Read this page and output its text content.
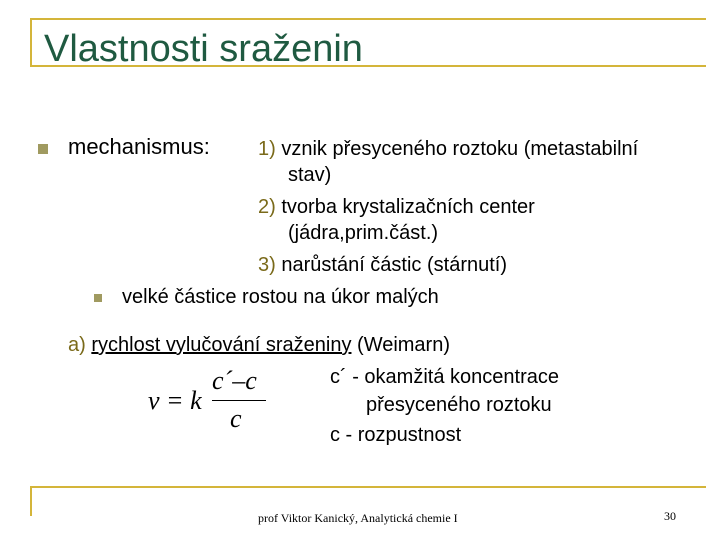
Vlastnosti sraženin
mechanismus: 1) vznik přesyceného roztoku (metastabilní
stav)
2) tvorba krystalizačních center
(jádra,prim.část.)
3) narůstání částic (stárnutí)
velké částice rostou na úkor malých
a) rychlost vylučování sraženiny (Weimarn)
v = k
c´–c
c
c´ - okamžitá koncentrace
přesyceného roztoku
c - rozpustnost
prof Viktor Kanický, Analytická chemie I	30
